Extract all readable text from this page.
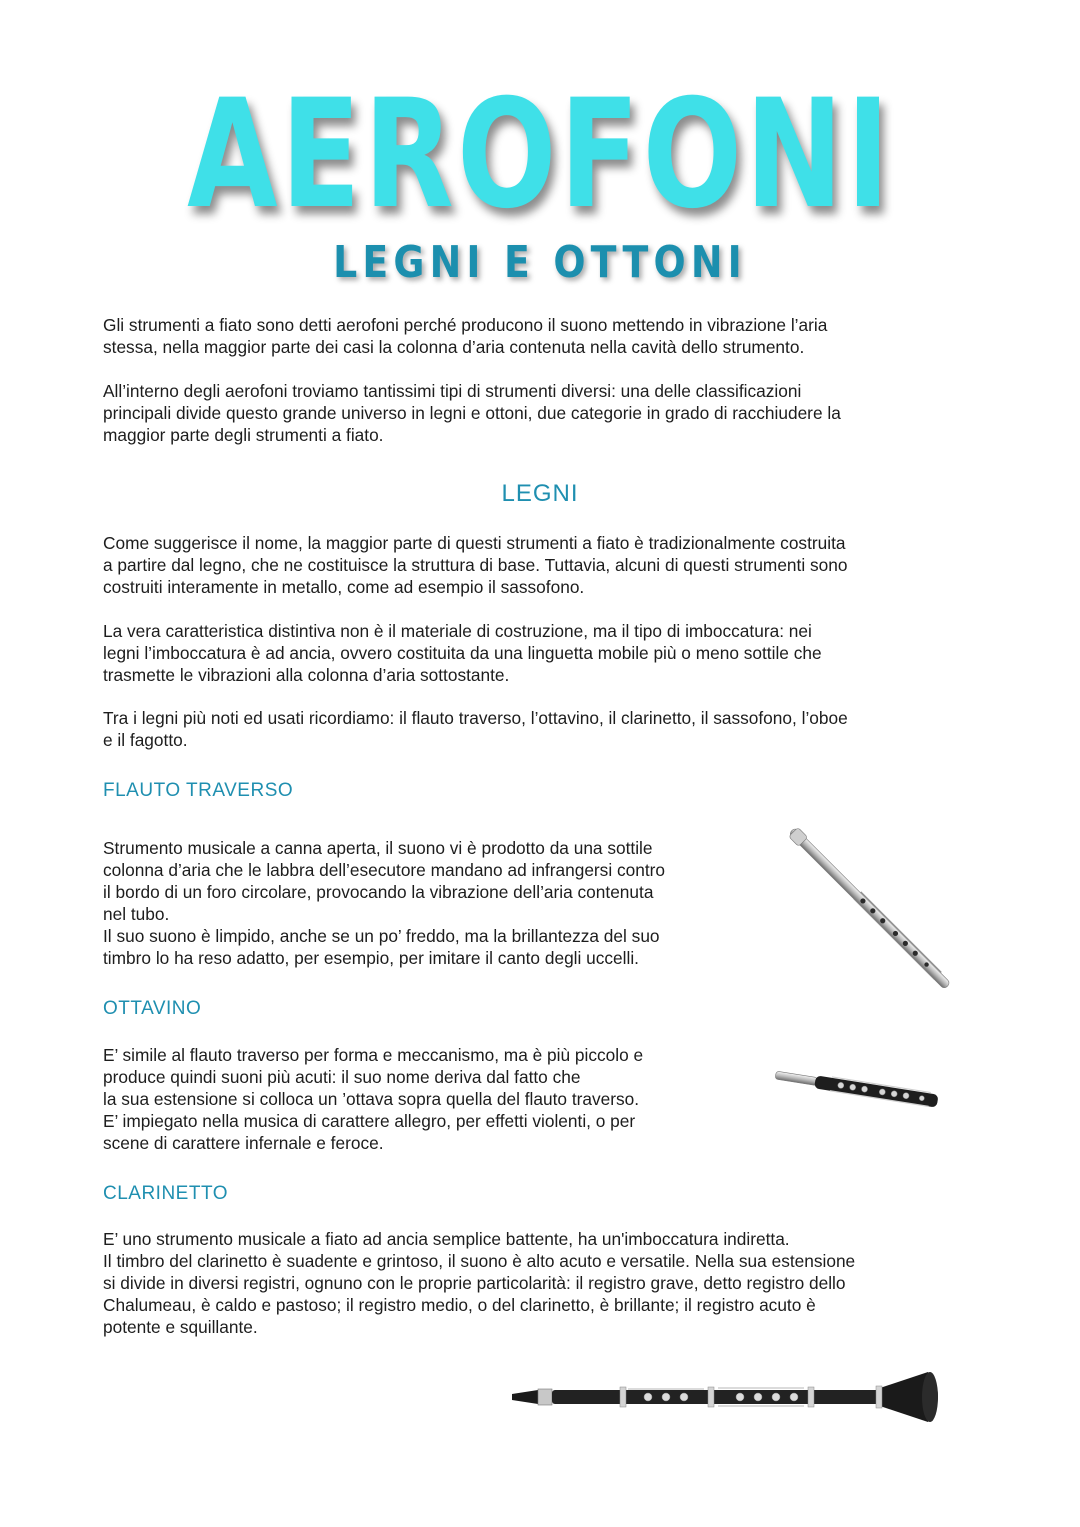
AEROFONI
LEGNI E OTTONI

Gli strumenti a fiato sono detti aerofoni perché producono il suono mettendo in vibrazione l’aria
stessa, nella maggior parte dei casi la colonna d’aria contenuta nella cavità dello strumento.

All’interno degli aerofoni troviamo tantissimi tipi di strumenti diversi: una delle classificazioni
principali divide questo grande universo in legni e ottoni, due categorie in grado di racchiudere la
maggior parte degli strumenti a fiato.

LEGNI

Come suggerisce il nome, la maggior parte di questi strumenti a fiato è tradizionalmente costruita
a partire dal legno, che ne costituisce la struttura di base. Tuttavia, alcuni di questi strumenti sono
costruiti interamente in metallo, come ad esempio il sassofono.

La vera caratteristica distintiva non è il materiale di costruzione, ma il tipo di imboccatura: nei
legni l’imboccatura è ad ancia, ovvero costituita da una linguetta mobile più o meno sottile che
trasmette le vibrazioni alla colonna d’aria sottostante.

Tra i legni più noti ed usati ricordiamo: il flauto traverso, l’ottavino, il clarinetto, il sassofono, l’oboe
e il fagotto.

FLAUTO TRAVERSO

Strumento musicale a canna aperta, il suono vi è prodotto da una sottile
colonna d’aria che le labbra dell’esecutore mandano ad infrangersi contro
il bordo di un foro circolare, provocando la vibrazione dell’aria contenuta
nel tubo.
Il suo suono è limpido, anche se un po’ freddo, ma la brillantezza del suo
timbro lo ha reso adatto, per esempio, per imitare il canto degli uccelli.

OTTAVINO

E’ simile al flauto traverso per forma e meccanismo, ma è più piccolo e
produce quindi suoni più acuti: il suo nome deriva dal fatto che
la sua estensione si colloca un ’ottava sopra quella del flauto traverso.
E’ impiegato nella musica di carattere allegro, per effetti violenti, o per
scene di carattere infernale e feroce.

CLARINETTO

E’ uno strumento musicale a fiato ad ancia semplice battente, ha un'imboccatura indiretta.
Il timbro del clarinetto è suadente e grintoso, il suono è alto acuto e versatile. Nella sua estensione
si divide in diversi registri, ognuno con le proprie particolarità: il registro grave, detto registro dello
Chalumeau, è caldo e pastoso; il registro medio, o del clarinetto, è brillante; il registro acuto è
potente e squillante.
